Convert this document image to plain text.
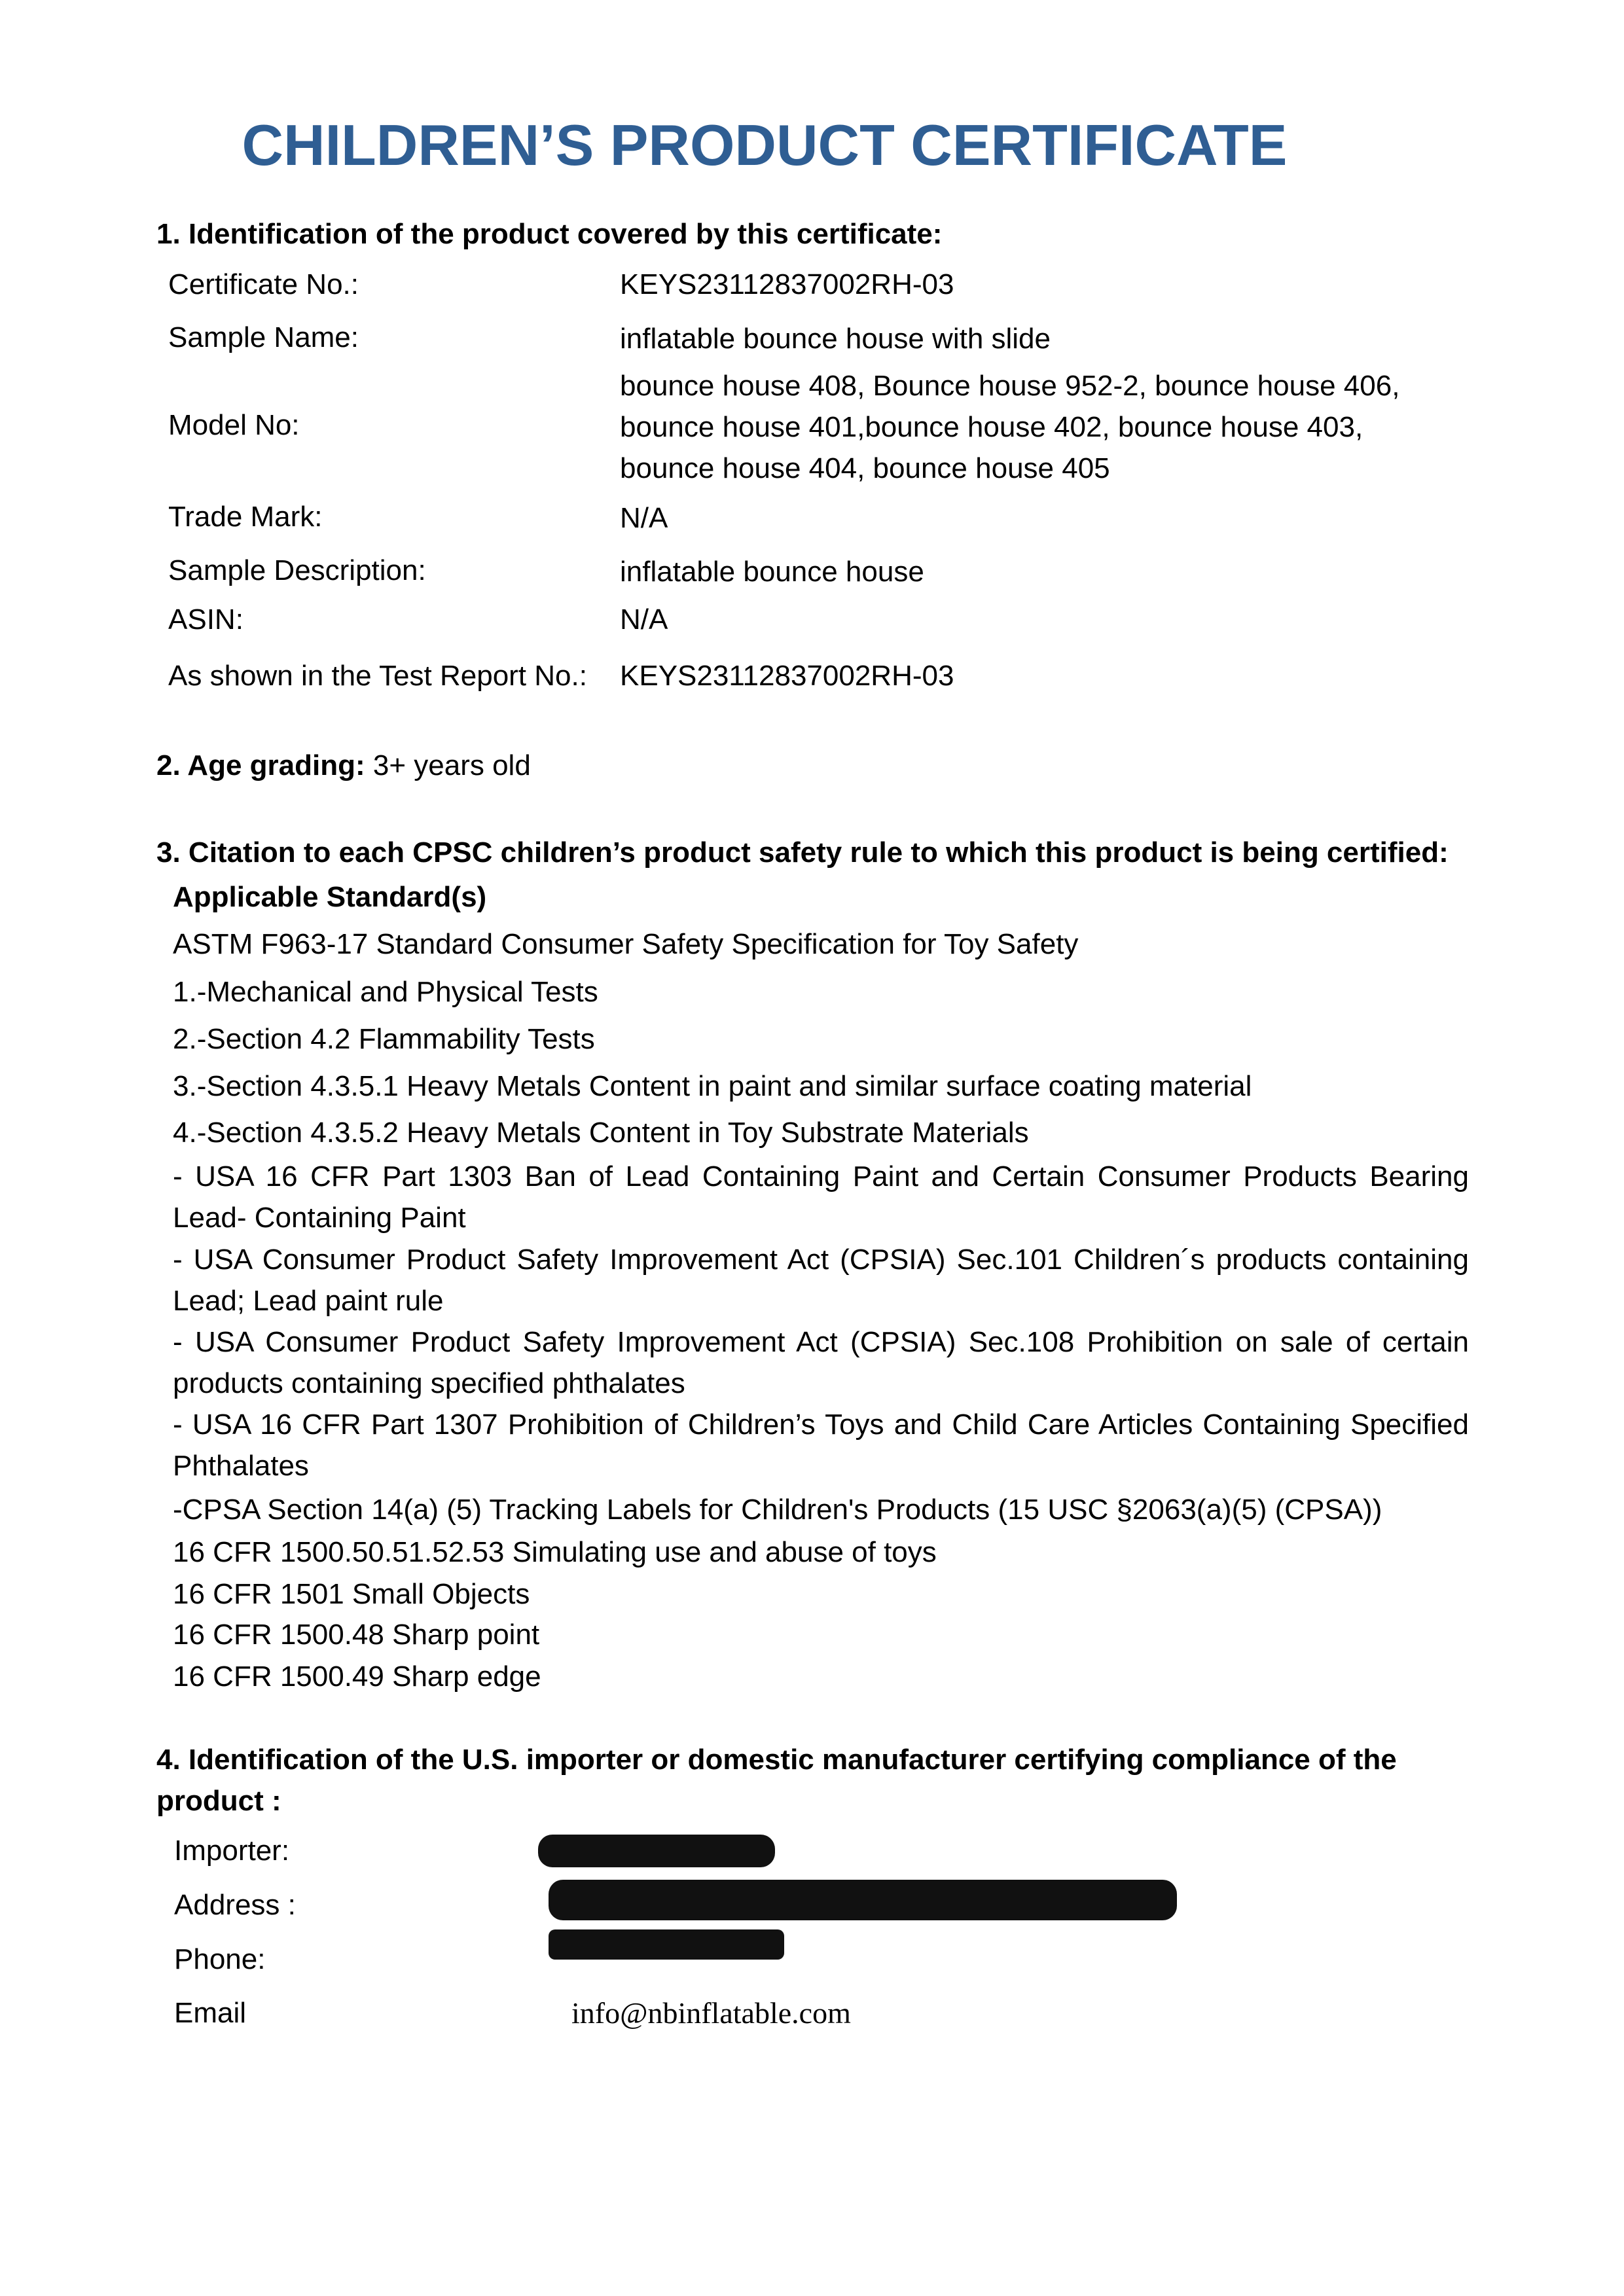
CHILDREN’S PRODUCT CERTIFICATE
1. Identification of the product covered by this certificate:
Certificate No.:	KEYS23112837002RH-03
Sample Name:	inflatable bounce house with slide
Model No:
bounce house 408, Bounce house 952-2, bounce house 406, bounce house 401,bounce house 402, bounce house 403, bounce house 404, bounce house 405
Trade Mark:	N/A
Sample Description:	inflatable bounce house
ASIN:	N/A
As shown in the Test Report No.: KEYS23112837002RH-03
2. Age grading: 3+ years old
3. Citation to each CPSC children’s product safety rule to which this product is being certified:
Applicable Standard(s)
ASTM F963-17 Standard Consumer Safety Specification for Toy Safety
1.-Mechanical and Physical Tests
2.-Section 4.2 Flammability Tests
3.-Section 4.3.5.1 Heavy Metals Content in paint and similar surface coating material
4.-Section 4.3.5.2 Heavy Metals Content in Toy Substrate Materials
- USA 16 CFR Part 1303 Ban of Lead Containing Paint and Certain Consumer Products Bearing Lead- Containing Paint
- USA Consumer Product Safety Improvement Act (CPSIA) Sec.101 Children´s products containing Lead; Lead paint rule
- USA Consumer Product Safety Improvement Act (CPSIA) Sec.108 Prohibition on sale of certain products containing specified phthalates
- USA 16 CFR Part 1307 Prohibition of Children’s Toys and Child Care Articles Containing Specified Phthalates
-CPSA Section 14(a) (5) Tracking Labels for Children's Products (15 USC §2063(a)(5) (CPSA))
16 CFR 1500.50.51.52.53 Simulating use and abuse of toys
16 CFR 1501 Small Objects
16 CFR 1500.48 Sharp point
16 CFR 1500.49 Sharp edge
4. Identification of the U.S. importer or domestic manufacturer certifying compliance of the product :
Importer:
Address :
Phone:
Email	info@nbinflatable.com
